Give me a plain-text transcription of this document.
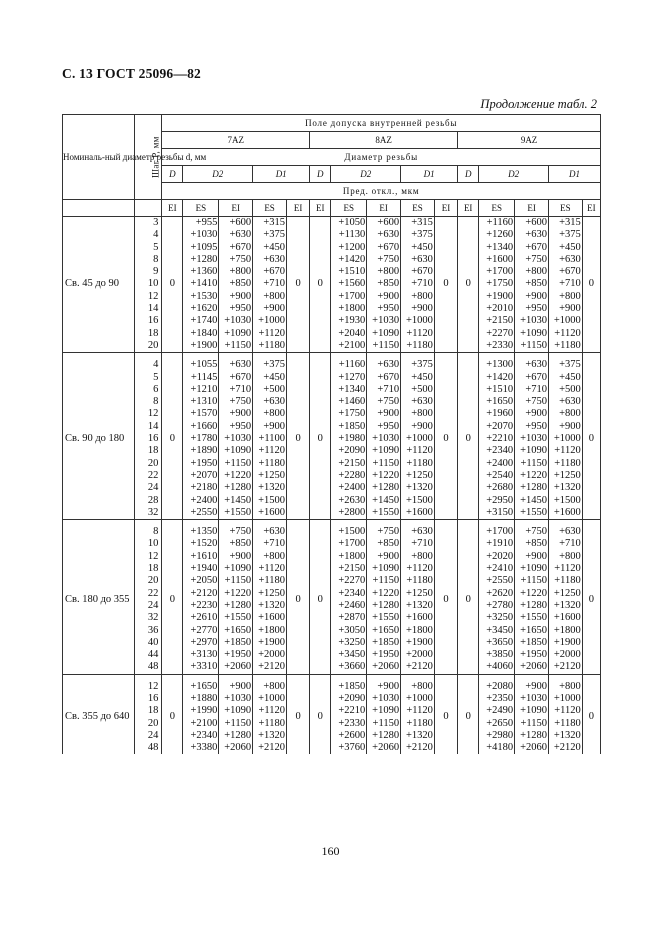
С. 13 ГОСТ 25096—82
Продолжение табл. 2
Номиналь-ный диаметр резьбы d, мм	Шаг P, мм	Поле допуска внутренней резьбы														
		7AZ					8AZ					9AZ				
		Диаметр резьбы														
		D	D2		D1		D	D2		D1		D	D2		D1	
		Пред. откл., мкм														
		EI	ES	EI	ES	EI	EI	ES	EI	ES	EI	EI	ES	EI	ES	EI
Св. 45 до 90	3	0	+955	+600	+315	0	0	+1050	+600	+315	0	0	+1160	+600	+315	0
	4		+1030	+630	+375			+1130	+630	+375			+1260	+630	+375	
	5		+1095	+670	+450			+1200	+670	+450			+1340	+670	+450	
	8		+1280	+750	+630			+1420	+750	+630			+1600	+750	+630	
	9		+1360	+800	+670			+1510	+800	+670			+1700	+800	+670	
	10		+1410	+850	+710			+1560	+850	+710			+1750	+850	+710	
	12		+1530	+900	+800			+1700	+900	+800			+1900	+900	+800	
	14		+1620	+950	+900			+1800	+950	+900			+2010	+950	+900	
	16		+1740	+1030	+1000			+1930	+1030	+1000			+2150	+1030	+1000	
	18		+1840	+1090	+1120			+2040	+1090	+1120			+2270	+1090	+1120	
	20		+1900	+1150	+1180			+2100	+1150	+1180			+2330	+1150	+1180	

Св. 90 до 180	4	0	+1055	+630	+375	0	0	+1160	+630	+375	0	0	+1300	+630	+375	0
	5		+1145	+670	+450			+1270	+670	+450			+1420	+670	+450	
	6		+1210	+710	+500			+1340	+710	+500			+1510	+710	+500	
	8		+1310	+750	+630			+1460	+750	+630			+1650	+750	+630	
	12		+1570	+900	+800			+1750	+900	+800			+1960	+900	+800	
	14		+1660	+950	+900			+1850	+950	+900			+2070	+950	+900	
	16		+1780	+1030	+1100			+1980	+1030	+1000			+2210	+1030	+1000	
	18		+1890	+1090	+1120			+2090	+1090	+1120			+2340	+1090	+1120	
	20		+1950	+1150	+1180			+2150	+1150	+1180			+2400	+1150	+1180	
	22		+2070	+1220	+1250			+2280	+1220	+1250			+2540	+1220	+1250	
	24		+2180	+1280	+1320			+2400	+1280	+1320			+2680	+1280	+1320	
	28		+2400	+1450	+1500			+2630	+1450	+1500			+2950	+1450	+1500	
	32		+2550	+1550	+1600			+2800	+1550	+1600			+3150	+1550	+1600	

Св. 180 до 355	8	0	+1350	+750	+630	0	0	+1500	+750	+630	0	0	+1700	+750	+630	0
	10		+1520	+850	+710			+1700	+850	+710			+1910	+850	+710	
	12		+1610	+900	+800			+1800	+900	+800			+2020	+900	+800	
	18		+1940	+1090	+1120			+2150	+1090	+1120			+2410	+1090	+1120	
	20		+2050	+1150	+1180			+2270	+1150	+1180			+2550	+1150	+1180	
	22		+2120	+1220	+1250			+2340	+1220	+1250			+2620	+1220	+1250	
	24		+2230	+1280	+1320			+2460	+1280	+1320			+2780	+1280	+1320	
	32		+2610	+1550	+1600			+2870	+1550	+1600			+3250	+1550	+1600	
	36		+2770	+1650	+1800			+3050	+1650	+1800			+3450	+1650	+1800	
	40		+2970	+1850	+1900			+3250	+1850	+1900			+3650	+1850	+1900	
	44		+3130	+1950	+2000			+3450	+1950	+2000			+3850	+1950	+2000	
	48		+3310	+2060	+2120			+3660	+2060	+2120			+4060	+2060	+2120	

Св. 355 до 640	12	0	+1650	+900	+800	0	0	+1850	+900	+800	0	0	+2080	+900	+800	0
	16		+1880	+1030	+1000			+2090	+1030	+1000			+2350	+1030	+1000	
	18		+1990	+1090	+1120			+2210	+1090	+1120			+2490	+1090	+1120	
	20		+2100	+1150	+1180			+2330	+1150	+1180			+2650	+1150	+1180	
	24		+2340	+1280	+1320			+2600	+1280	+1320			+2980	+1280	+1320	
	48		+3380	+2060	+2120			+3760	+2060	+2120			+4180	+2060	+2120	
160
